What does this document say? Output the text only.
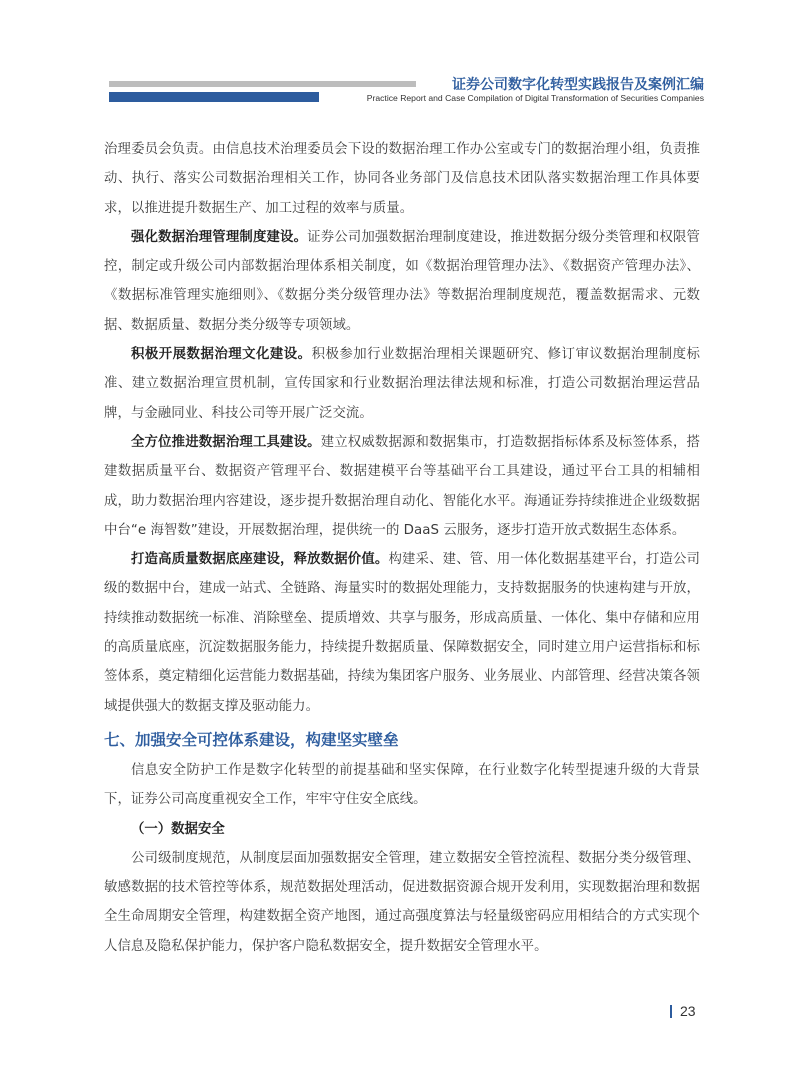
证券公司数字化转型实践报告及案例汇编
Practice Report and Case Compilation of Digital Transformation of Securities Companies

治理委员会负责。由信息技术治理委员会下设的数据治理工作办公室或专门的数据治理小组，负责推动、执行、落实公司数据治理相关工作，协同各业务部门及信息技术团队落实数据治理工作具体要求，以推进提升数据生产、加工过程的效率与质量。

强化数据治理管理制度建设。证券公司加强数据治理制度建设，推进数据分级分类管理和权限管控，制定或升级公司内部数据治理体系相关制度，如《数据治理管理办法》、《数据资产管理办法》、《数据标准管理实施细则》、《数据分类分级管理办法》等数据治理制度规范，覆盖数据需求、元数据、数据质量、数据分类分级等专项领域。

积极开展数据治理文化建设。积极参加行业数据治理相关课题研究、修订审议数据治理制度标准、建立数据治理宣贯机制，宣传国家和行业数据治理法律法规和标准，打造公司数据治理运营品牌，与金融同业、科技公司等开展广泛交流。

全方位推进数据治理工具建设。建立权威数据源和数据集市，打造数据指标体系及标签体系，搭建数据质量平台、数据资产管理平台、数据建模平台等基础平台工具建设，通过平台工具的相辅相成，助力数据治理内容建设，逐步提升数据治理自动化、智能化水平。海通证券持续推进企业级数据中台“e 海智数”建设，开展数据治理，提供统一的 DaaS 云服务，逐步打造开放式数据生态体系。

打造高质量数据底座建设，释放数据价值。构建采、建、管、用一体化数据基建平台，打造公司级的数据中台，建成一站式、全链路、海量实时的数据处理能力，支持数据服务的快速构建与开放，持续推动数据统一标准、消除壁垒、提质增效、共享与服务，形成高质量、一体化、集中存储和应用的高质量底座，沉淀数据服务能力，持续提升数据质量、保障数据安全，同时建立用户运营指标和标签体系，奠定精细化运营能力数据基础，持续为集团客户服务、业务展业、内部管理、经营决策各领域提供强大的数据支撑及驱动能力。

七、加强安全可控体系建设，构建坚实壁垒

信息安全防护工作是数字化转型的前提基础和坚实保障，在行业数字化转型提速升级的大背景下，证券公司高度重视安全工作，牢牢守住安全底线。

（一）数据安全

公司级制度规范，从制度层面加强数据安全管理，建立数据安全管控流程、数据分类分级管理、敏感数据的技术管控等体系，规范数据处理活动，促进数据资源合规开发利用，实现数据治理和数据全生命周期安全管理，构建数据全资产地图，通过高强度算法与轻量级密码应用相结合的方式实现个人信息及隐私保护能力，保护客户隐私数据安全，提升数据安全管理水平。

23
